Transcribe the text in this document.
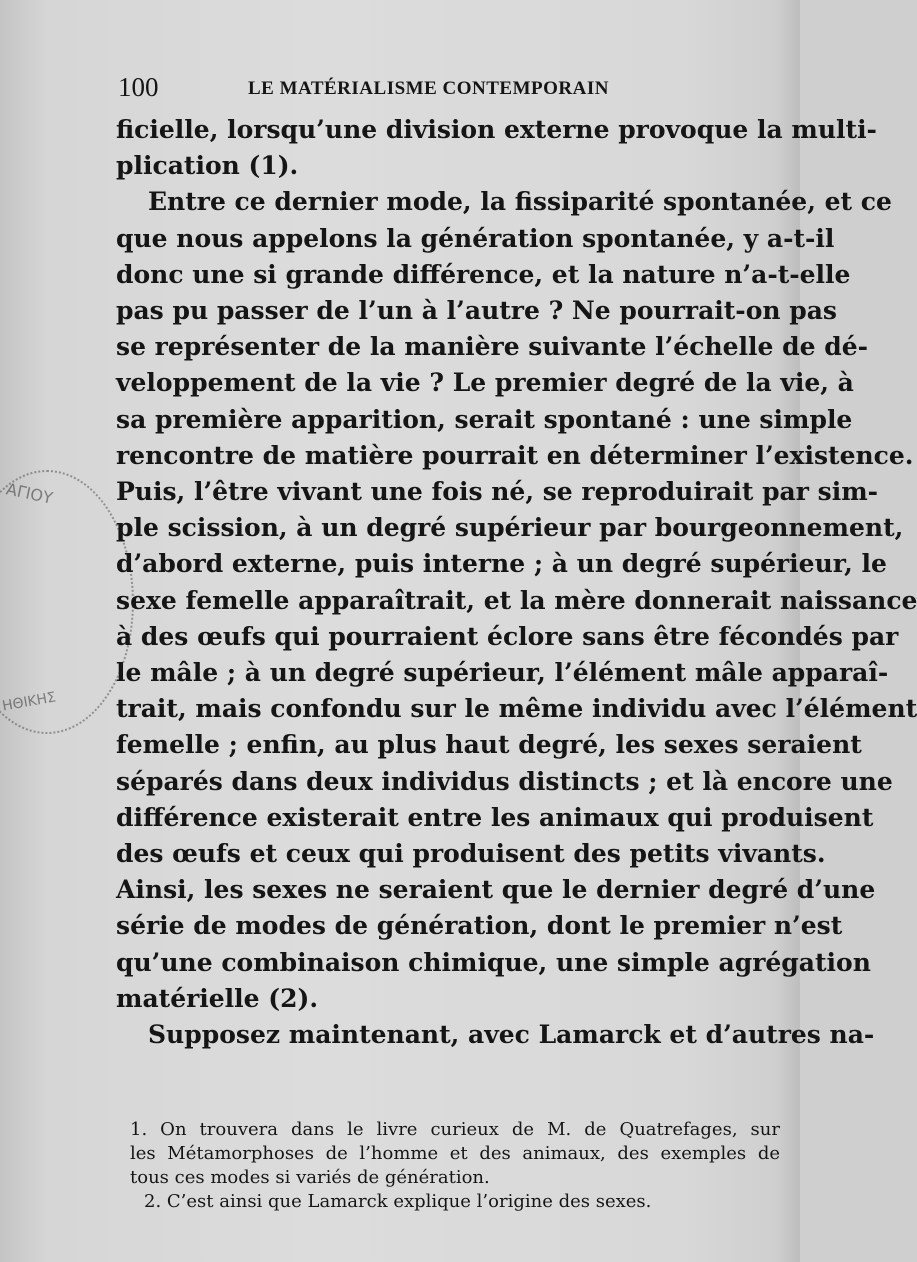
ΑΓΙΟΥ
ΗΘΙΚΗΣ
100	LE MATÉRIALISME CONTEMPORAIN
ficielle, lorsqu’une division externe provoque la multi-
plication (1).
Entre ce dernier mode, la fissiparité spontanée, et ce
que nous appelons la génération spontanée, y a-t-il
donc une si grande différence, et la nature n’a-t-elle
pas pu passer de l’un à l’autre ? Ne pourrait-on pas
se représenter de la manière suivante l’échelle de dé-
veloppement de la vie ? Le premier degré de la vie, à
sa première apparition, serait spontané : une simple
rencontre de matière pourrait en déterminer l’existence.
Puis, l’être vivant une fois né, se reproduirait par sim-
ple scission, à un degré supérieur par bourgeonnement,
d’abord externe, puis interne ; à un degré supérieur, le
sexe femelle apparaîtrait, et la mère donnerait naissance
à des œufs qui pourraient éclore sans être fécondés par
le mâle ; à un degré supérieur, l’élément mâle apparaî-
trait, mais confondu sur le même individu avec l’élément
femelle ; enfin, au plus haut degré, les sexes seraient
séparés dans deux individus distincts ; et là encore une
différence existerait entre les animaux qui produisent
des œufs et ceux qui produisent des petits vivants.
Ainsi, les sexes ne seraient que le dernier degré d’une
série de modes de génération, dont le premier n’est
qu’une combinaison chimique, une simple agrégation
matérielle (2).
Supposez maintenant, avec Lamarck et d’autres na-
1. On trouvera dans le livre curieux de M. de Quatrefages, sur
les Métamorphoses de l’homme et des animaux, des exemples de
tous ces modes si variés de génération.
2. C’est ainsi que Lamarck explique l’origine des sexes.
